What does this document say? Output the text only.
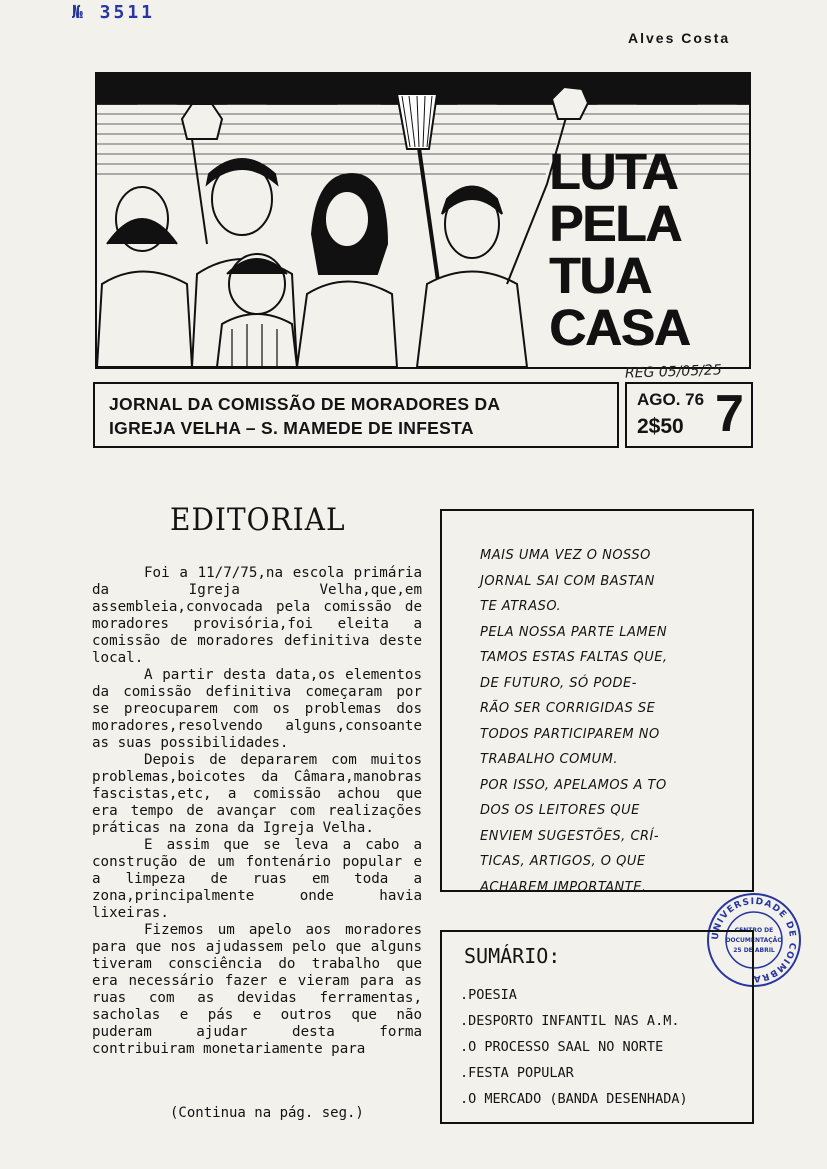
№ 3511
Alves Costa
LUTA
PELA
TUA
CASA
REG 05/05/25
JORNAL DA COMISSÃO DE MORADORES DA
IGREJA VELHA – S. MAMEDE DE INFESTA
AGO. 76
2$50 7
EDITORIAL

Foi a 11/7/75,na escola primária da Igreja Velha,que,em assembleia,convocada pela comissão de moradores provisória,foi eleita a comissão de moradores definitiva deste local.

A partir desta data,os elementos da comissão definitiva começaram por se preocuparem com os problemas dos moradores,resolvendo alguns,consoante as suas possibilidades.

Depois de depararem com muitos problemas,boicotes da Câmara,manobras fascistas,etc, a comissão achou que era tempo de avançar com realizações práticas na zona da Igreja Velha.

E assim que se leva a cabo a construção de um fontenário popular e a limpeza de ruas em toda a zona,principalmente onde havia lixeiras.

Fizemos um apelo aos moradores para que nos ajudassem pelo que alguns tiveram consciência do trabalho que era necessário fazer e vieram para as ruas com as devidas ferramentas, sacholas e pás e outros que não puderam ajudar desta forma contribuiram monetariamente para

(Continua na pág. seg.)
MAIS UMA VEZ O NOSSO
JORNAL SAI COM BASTAN
TE ATRASO.
PELA NOSSA PARTE LAMEN
TAMOS ESTAS FALTAS QUE,
DE FUTURO, SÓ PODE-
RÃO SER CORRIGIDAS SE
TODOS PARTICIPAREM NO
TRABALHO COMUM.
POR ISSO, APELAMOS A TO
DOS OS LEITORES QUE
ENVIEM SUGESTÕES, CRÍ-
TICAS, ARTIGOS, O QUE
ACHAREM IMPORTANTE.
UNIVERSIDADE DE COIMBRA
CENTRO DE
DOCUMENTAÇÃO
25 DE ABRIL
SUMÁRIO:
.POESIA
.DESPORTO INFANTIL NAS A.M.
.O PROCESSO SAAL NO NORTE
.FESTA POPULAR
.O MERCADO (BANDA DESENHADA)
